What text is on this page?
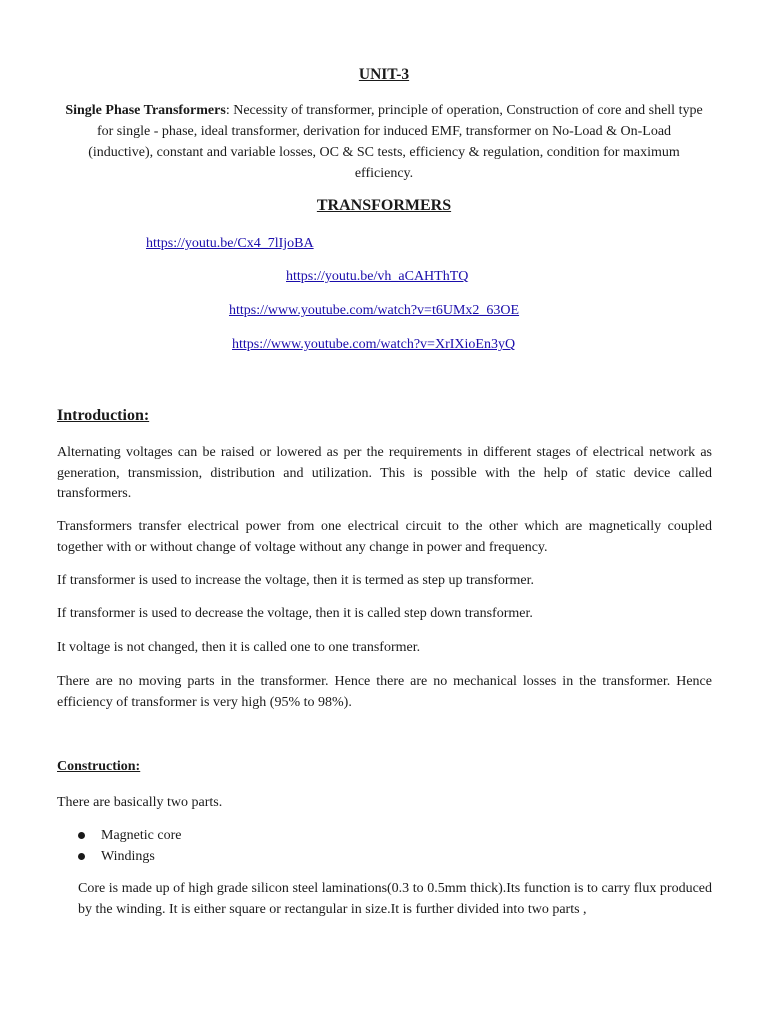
UNIT-3
Single Phase Transformers: Necessity of transformer, principle of operation, Construction of core and shell type for single - phase, ideal transformer, derivation for induced EMF, transformer on No-Load & On-Load (inductive), constant and variable losses, OC & SC tests, efficiency & regulation, condition for maximum efficiency.
TRANSFORMERS
https://youtu.be/Cx4_7lIjoBA
https://youtu.be/vh_aCAHThTQ
https://www.youtube.com/watch?v=t6UMx2_63OE
https://www.youtube.com/watch?v=XrIXioEn3yQ
Introduction:
Alternating voltages can be raised or lowered as per the requirements in different stages of electrical network as generation, transmission, distribution and utilization. This is possible with the help of static device called transformers.
Transformers transfer electrical power from one electrical circuit to the other which are magnetically coupled together with or without change of voltage without any change in power and frequency.
If transformer is used to increase the voltage, then it is termed as step up transformer.
If transformer is used to decrease the voltage, then it is called step down transformer.
It voltage is not changed, then it is called one to one transformer.
There are no moving parts in the transformer. Hence there are no mechanical losses in the transformer. Hence efficiency of transformer is very high (95% to 98%).
Construction:
There are basically two parts.
Magnetic core
Windings
Core is made up of high grade silicon steel laminations(0.3 to 0.5mm thick).Its function is to carry flux produced by the winding. It is either square or rectangular in size.It is further divided into two parts ,
